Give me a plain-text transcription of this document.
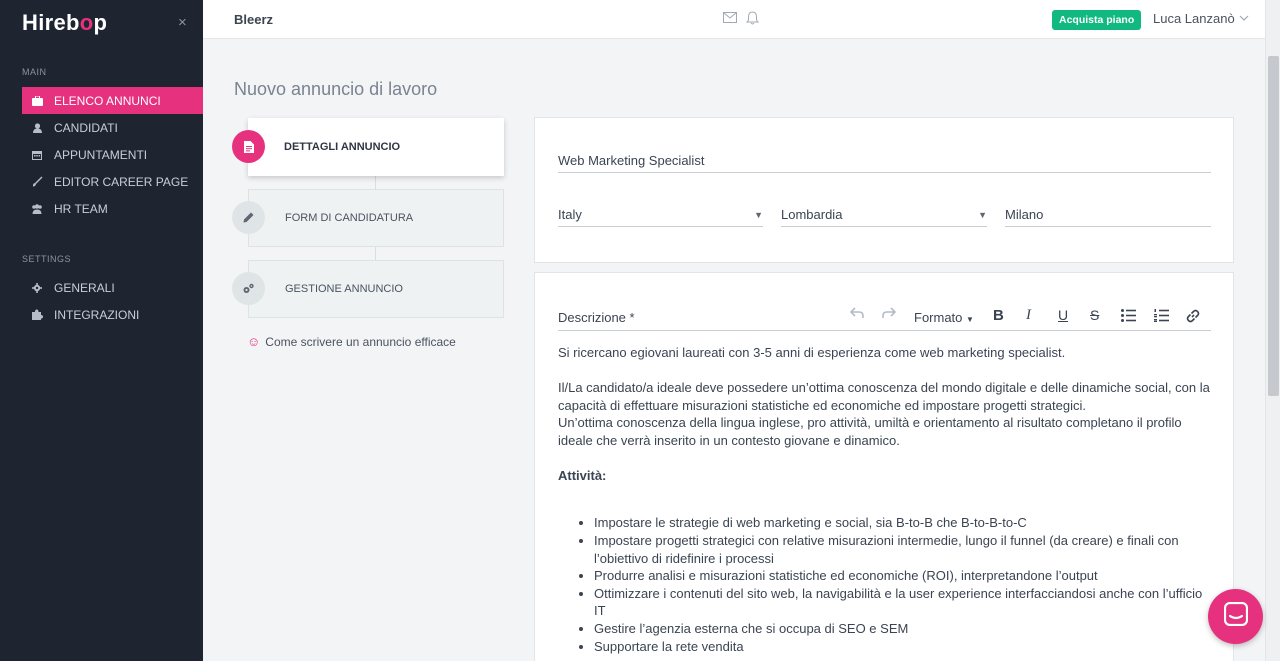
Hirebop	×
MAIN
ELENCO ANNUNCI
CANDIDATI
APPUNTAMENTI
EDITOR CAREER PAGE
HR TEAM
SETTINGS
GENERALI
INTEGRAZIONI
Bleerz	Acquista piano	Luca Lanzanò
Nuovo annuncio di lavoro
DETTAGLI ANNUNCIO
FORM DI CANDIDATURA
GESTIONE ANNUNCIO
☺ Come scrivere un annuncio efficace
Web Marketing Specialist
Italy	▼ Lombardia	▼ Milano
Descrizione *	Formato ▼ B I U S

Si ricercano egiovani laureati con 3-5 anni di esperienza come web marketing specialist.

Il/La candidato/a ideale deve possedere un’ottima conoscenza del mondo digitale e delle dinamiche social, con la capacità di effettuare misurazioni statistiche ed economiche ed impostare progetti strategici.

Un’ottima conoscenza della lingua inglese, pro attività, umiltà e orientamento al risultato completano il profilo ideale che verrà inserito in un contesto giovane e dinamico.

Attività:

• Impostare le strategie di web marketing e social, sia B-to-B che B-to-B-to-C
• Impostare progetti strategici con relative misurazioni intermedie, lungo il funnel (da creare) e finali con l’obiettivo di ridefinire i processi
• Produrre analisi e misurazioni statistiche ed economiche (ROI), interpretandone l’output
• Ottimizzare i contenuti del sito web, la navigabilità e la user experience interfacciandosi anche con l’ufficio IT
• Gestire l’agenzia esterna che si occupa di SEO e SEM
• Supportare la rete vendita
